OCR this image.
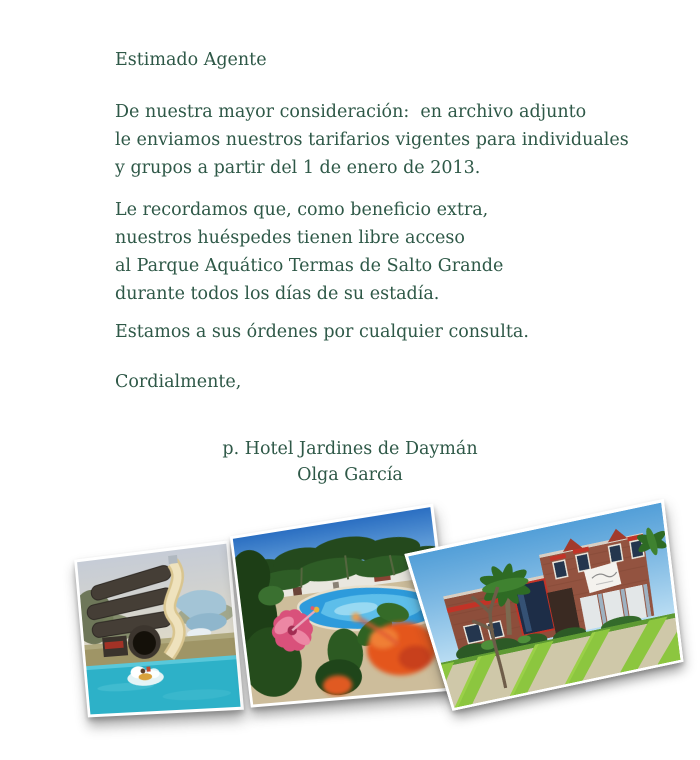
Estimado Agente
De nuestra mayor consideración:  en archivo adjunto
le enviamos nuestros tarifarios vigentes para individuales
y grupos a partir del 1 de enero de 2013.
Le recordamos que, como beneficio extra,
nuestros huéspedes tienen libre acceso
al Parque Aquático Termas de Salto Grande
durante todos los días de su estadía.
Estamos a sus órdenes por cualquier consulta.
Cordialmente,
p. Hotel Jardines de Daymán
Olga García
